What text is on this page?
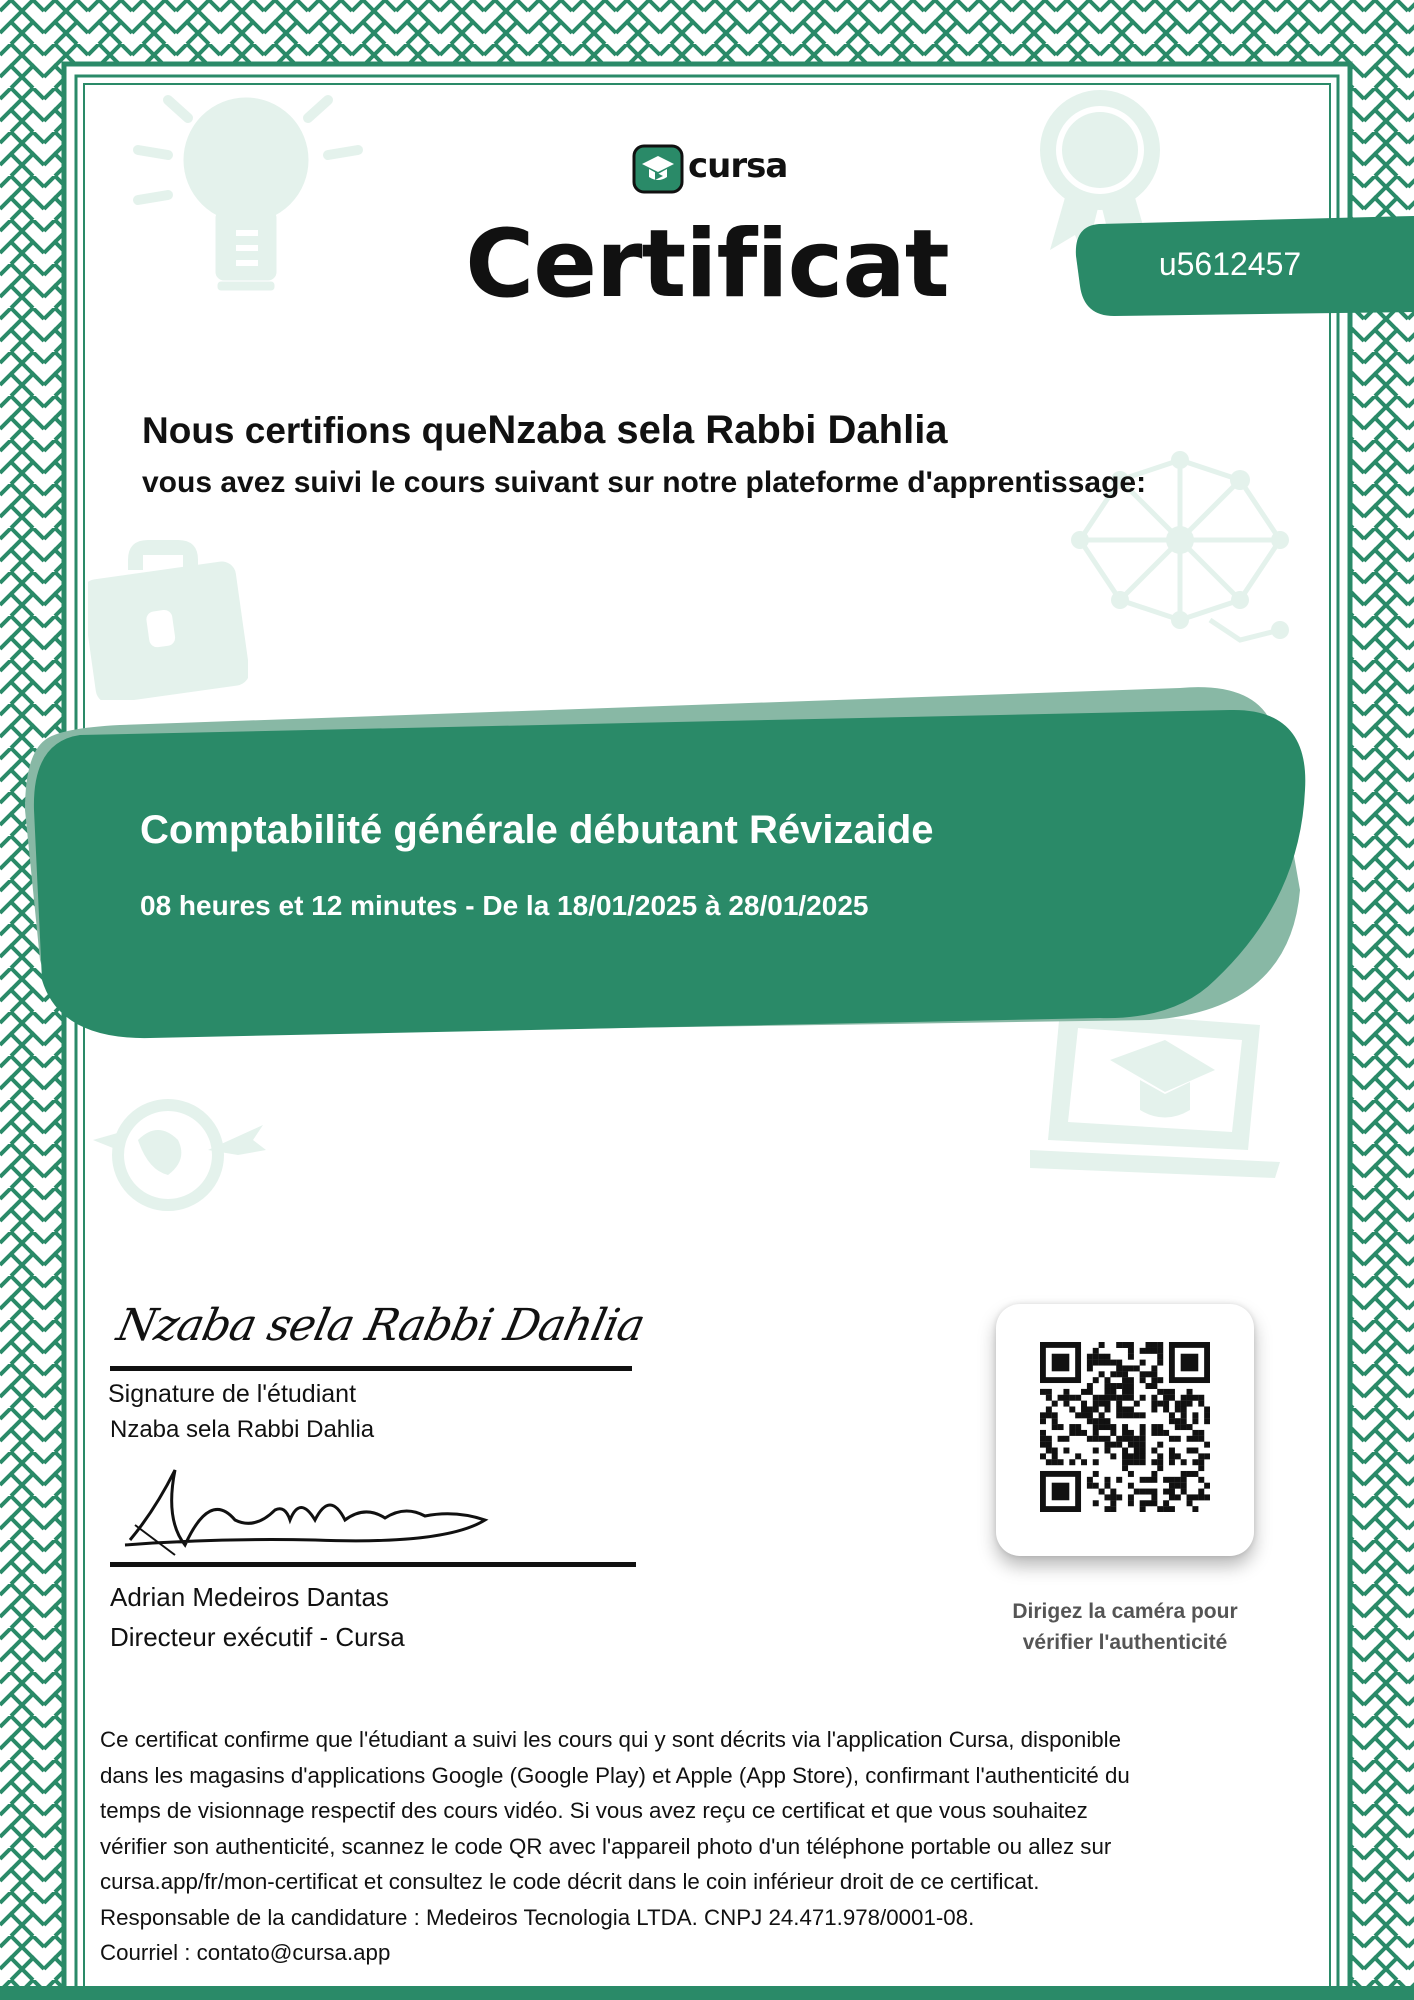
cursa
Certificat	u5612457
Nous certifions queNzaba sela Rabbi Dahlia
vous avez suivi le cours suivant sur notre plateforme d'apprentissage:
Comptabilité générale débutant Révizaide
08 heures et 12 minutes - De la 18/01/2025 à 28/01/2025
Nzaba sela Rabbi Dahlia
Signature de l'étudiant
Nzaba sela Rabbi Dahlia
Adrian Medeiros Dantas
Directeur exécutif - Cursa
Dirigez la caméra pour
vérifier l'authenticité
Ce certificat confirme que l'étudiant a suivi les cours qui y sont décrits via l'application Cursa, disponible
dans les magasins d'applications Google (Google Play) et Apple (App Store), confirmant l'authenticité du
temps de visionnage respectif des cours vidéo. Si vous avez reçu ce certificat et que vous souhaitez
vérifier son authenticité, scannez le code QR avec l'appareil photo d'un téléphone portable ou allez sur
cursa.app/fr/mon-certificat et consultez le code décrit dans le coin inférieur droit de ce certificat.
Responsable de la candidature : Medeiros Tecnologia LTDA. CNPJ 24.471.978/0001-08.
Courriel : contato@cursa.app
